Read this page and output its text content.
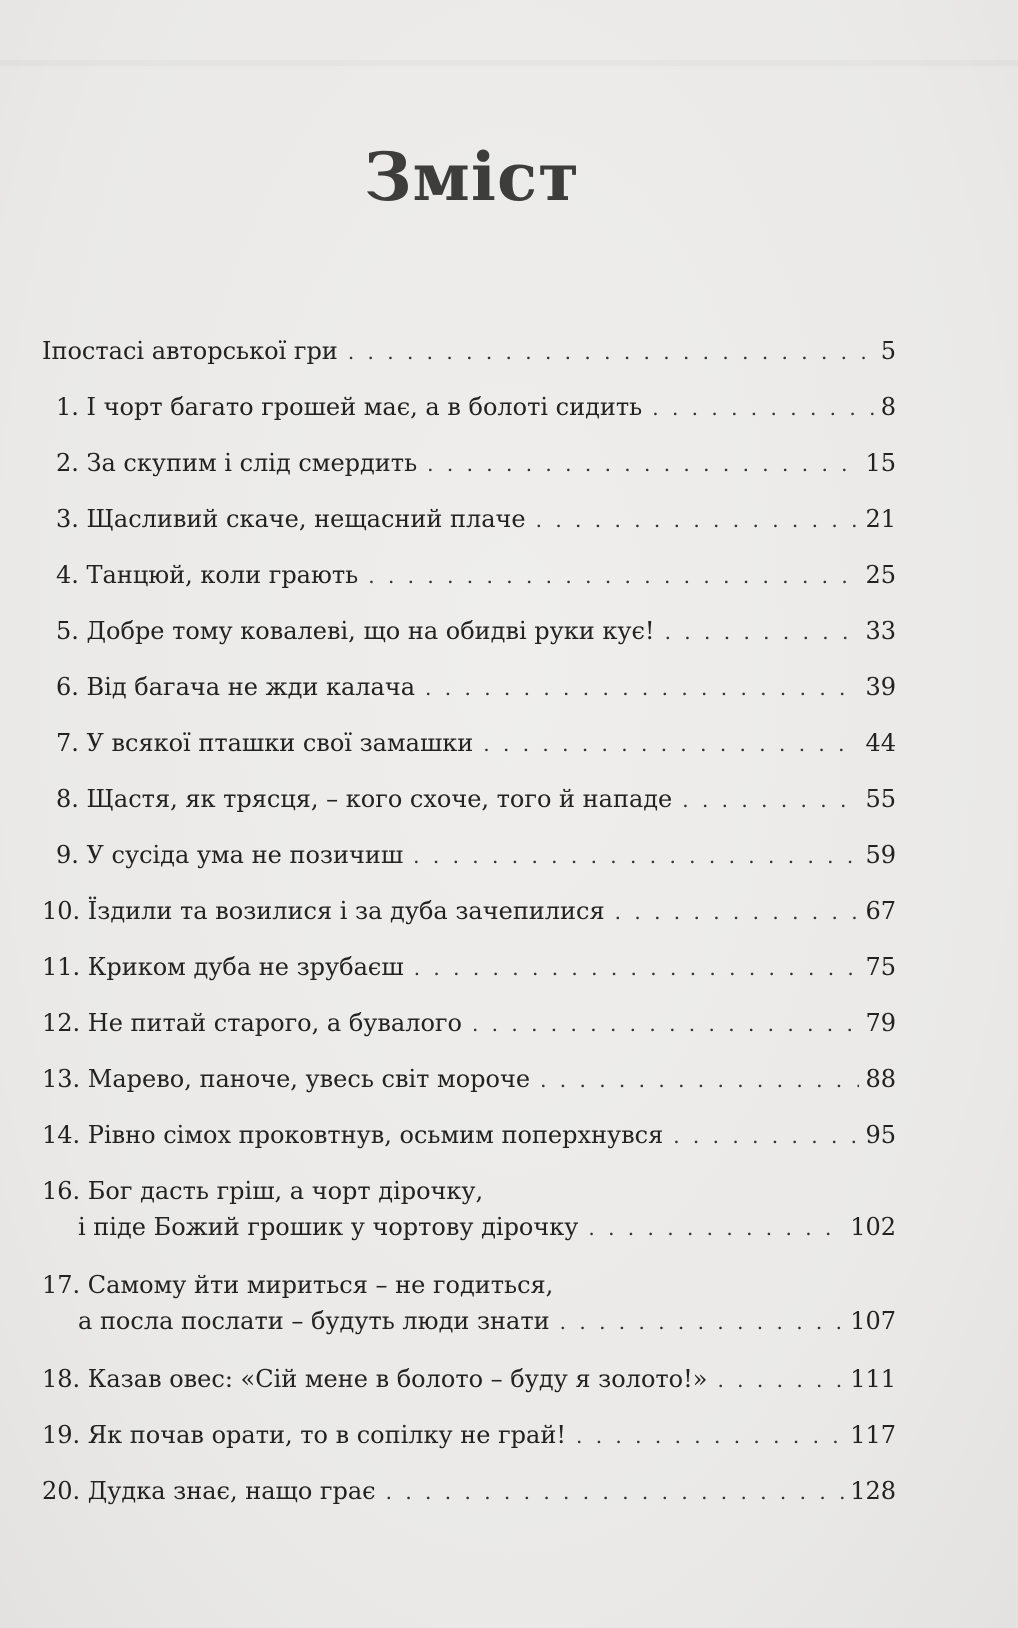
Зміст
Іпостасі авторської гри . . .	5
1. І чорт багато грошей має, а в болоті сидить . . .	8
2. За скупим і слід смердить . . .	15
3. Щасливий скаче, нещасний плаче . . .	21
4. Танцюй, коли грають . . .	25
5. Добре тому ковалеві, що на обидві руки кує! . . .	33
6. Від багача не жди калача . . .	39
7. У всякої пташки свої замашки . . .	44
8. Щастя, як трясця, – кого схоче, того й нападе . . .	55
9. У сусіда ума не позичиш . . .	59
10. Їздили та возилися і за дуба зачепилися . . .	67
11. Криком дуба не зрубаєш . . .	75
12. Не питай старого, а бувалого . . .	79
13. Марево, паноче, увесь світ мороче . . .	88
14. Рівно сімох проковтнув, осьмим поперхнувся . . .	95
16. Бог дасть гріш, а чорт дірочку,
і піде Божий грошик у чортову дірочку . . .	102
17. Самому йти мириться – не годиться,
а посла послати – будуть люди знати . . .	107
18. Казав овес: «Сій мене в болото – буду я золото!» . . .	111
19. Як почав орати, то в сопілку не грай! . . .	117
20. Дудка знає, нащо грає . . .	128
